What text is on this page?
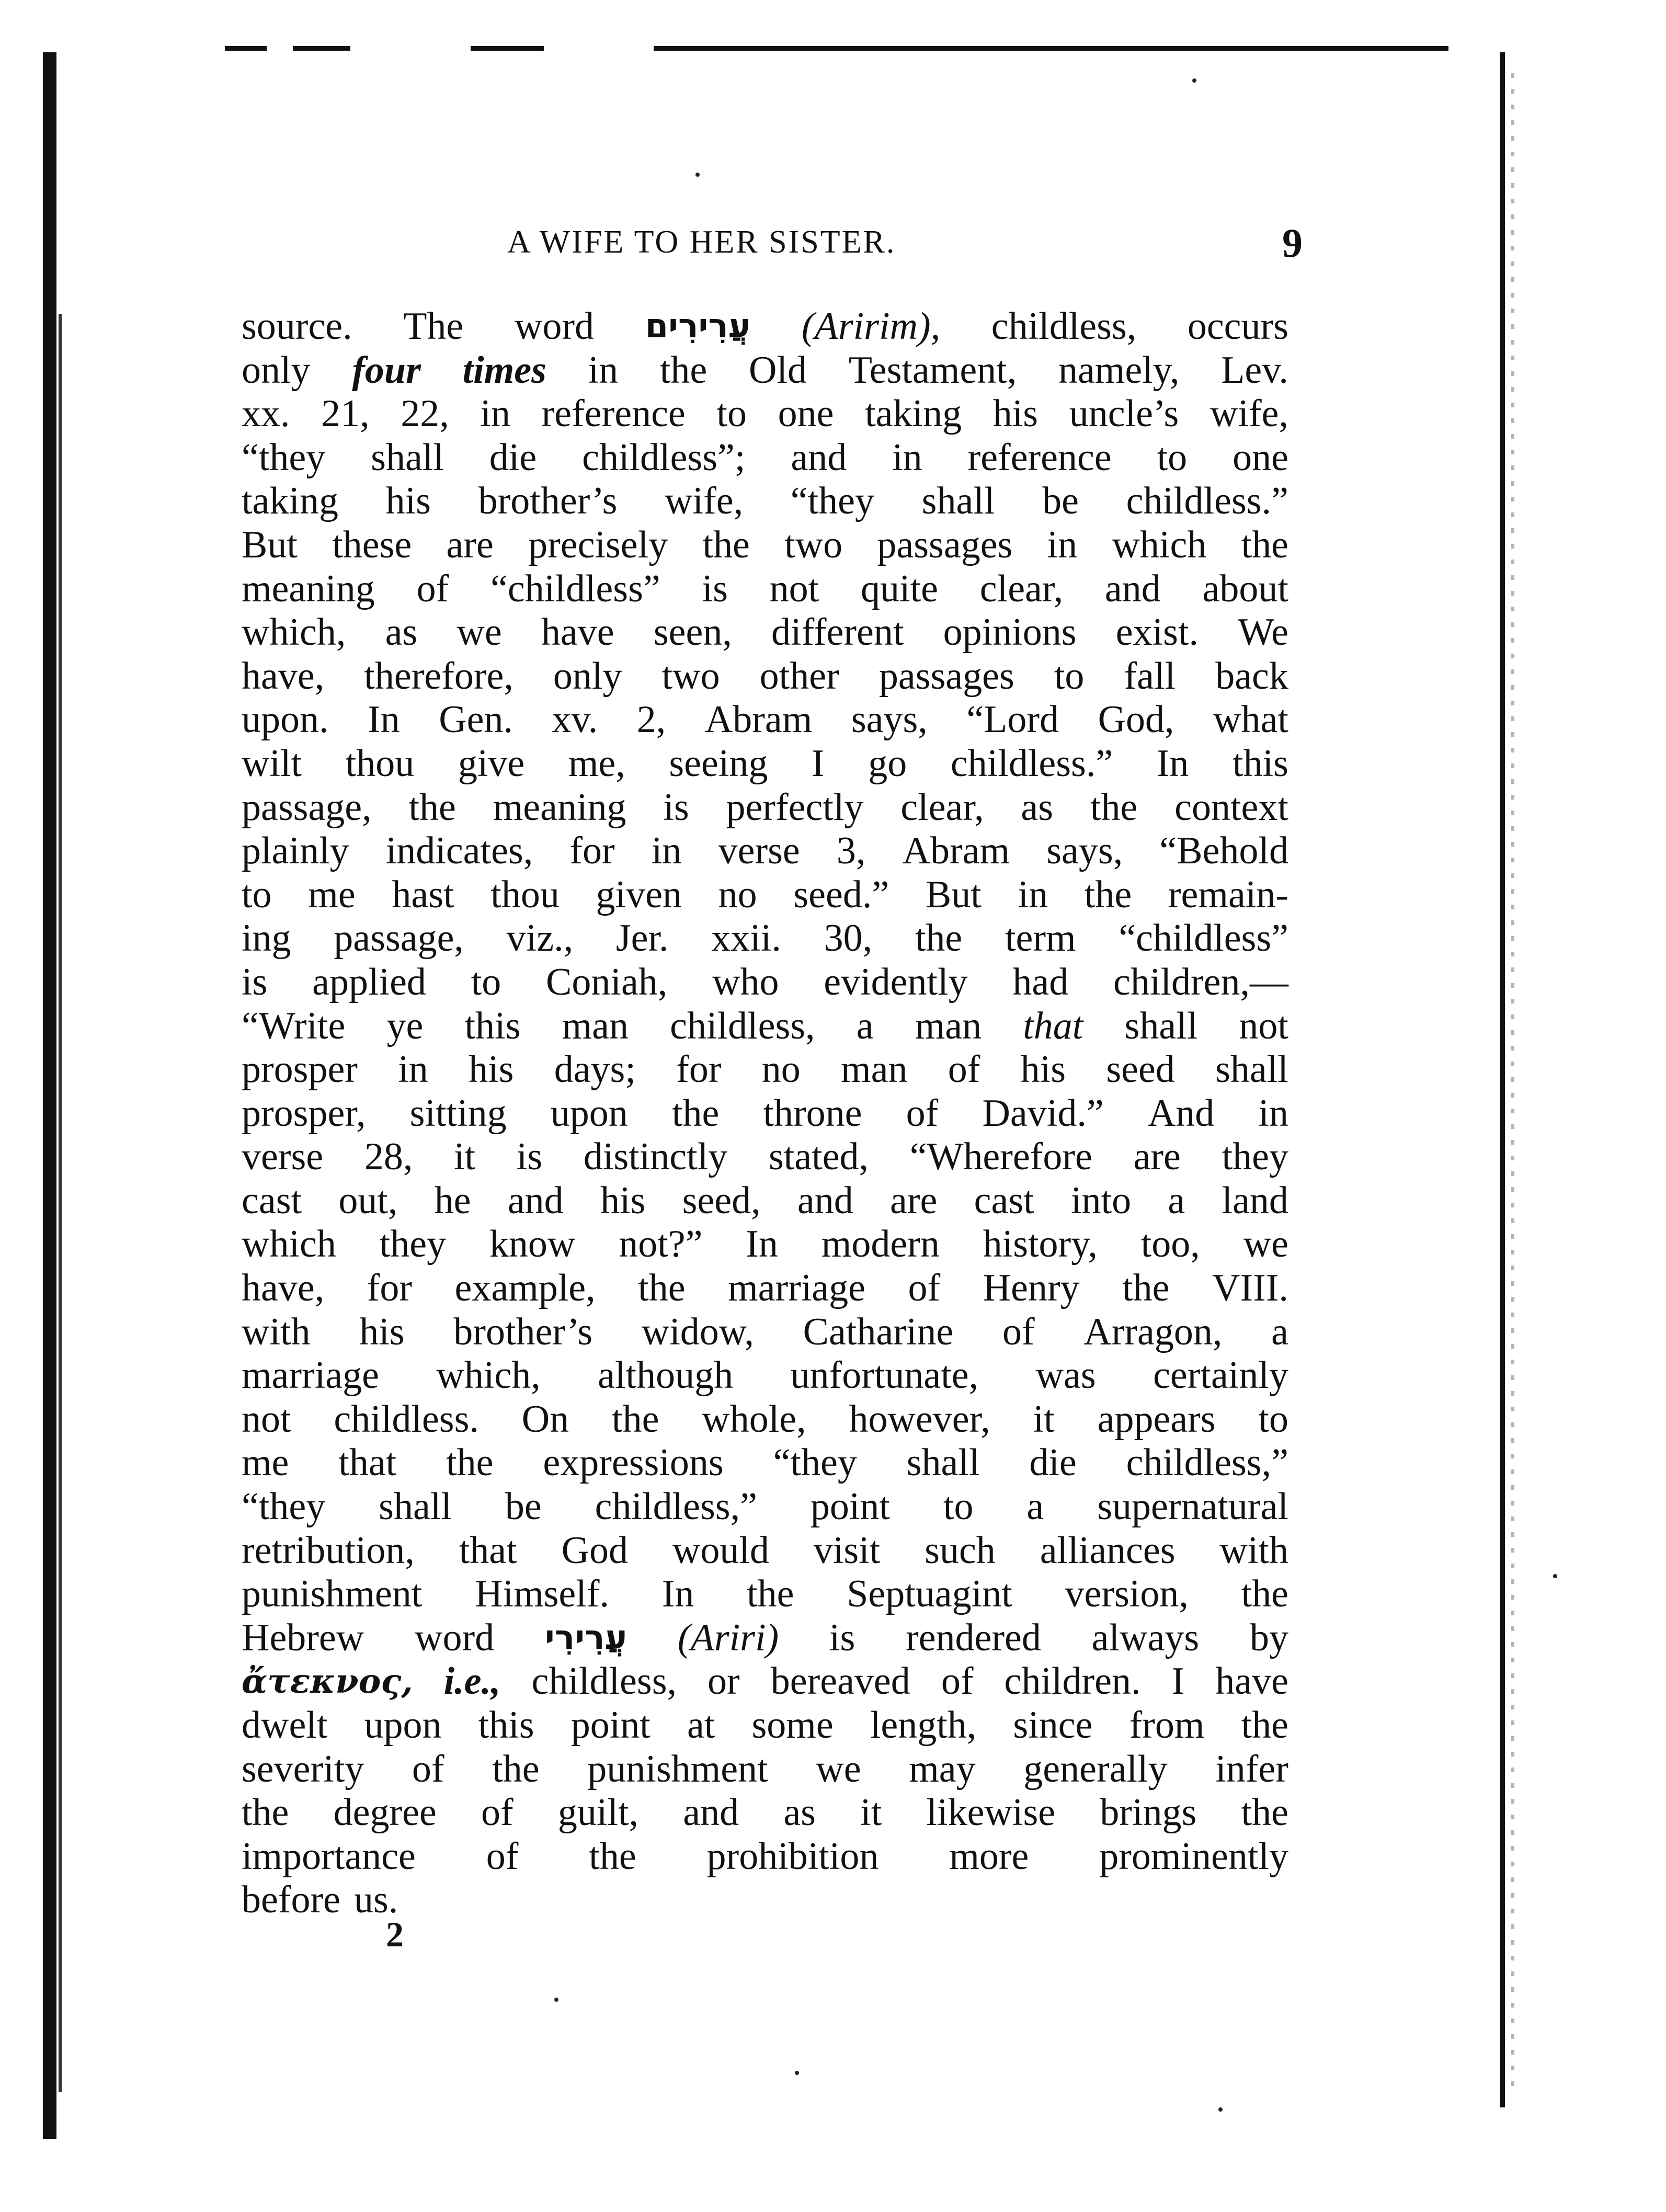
A WIFE TO HER SISTER.	9
source. The word עֲרִירִים (Aririm), childless, occurs
only four times in the Old Testament, namely, Lev.
xx. 21, 22, in reference to one taking his uncle’s wife,
“they shall die childless”; and in reference to one
taking his brother’s wife, “they shall be childless.”
But these are precisely the two passages in which the
meaning of “childless” is not quite clear, and about
which, as we have seen, different opinions exist. We
have, therefore, only two other passages to fall back
upon. In Gen. xv. 2, Abram says, “Lord God, what
wilt thou give me, seeing I go childless.” In this
passage, the meaning is perfectly clear, as the context
plainly indicates, for in verse 3, Abram says, “Behold
to me hast thou given no seed.” But in the remain-
ing passage, viz., Jer. xxii. 30, the term “childless”
is applied to Coniah, who evidently had children,—
“Write ye this man childless, a man that shall not
prosper in his days; for no man of his seed shall
prosper, sitting upon the throne of David.” And in
verse 28, it is distinctly stated, “Wherefore are they
cast out, he and his seed, and are cast into a land
which they know not?” In modern history, too, we
have, for example, the marriage of Henry the VIII.
with his brother’s widow, Catharine of Arragon, a
marriage which, although unfortunate, was certainly
not childless. On the whole, however, it appears to
me that the expressions “they shall die childless,”
“they shall be childless,” point to a supernatural
retribution, that God would visit such alliances with
punishment Himself. In the Septuagint version, the
Hebrew word עֲרִירִי (Ariri) is rendered always by
ἄτεκνος, i.e., childless, or bereaved of children. I have
dwelt upon this point at some length, since from the
severity of the punishment we may generally infer
the degree of guilt, and as it likewise brings the
importance of the prohibition more prominently
before us.
2
